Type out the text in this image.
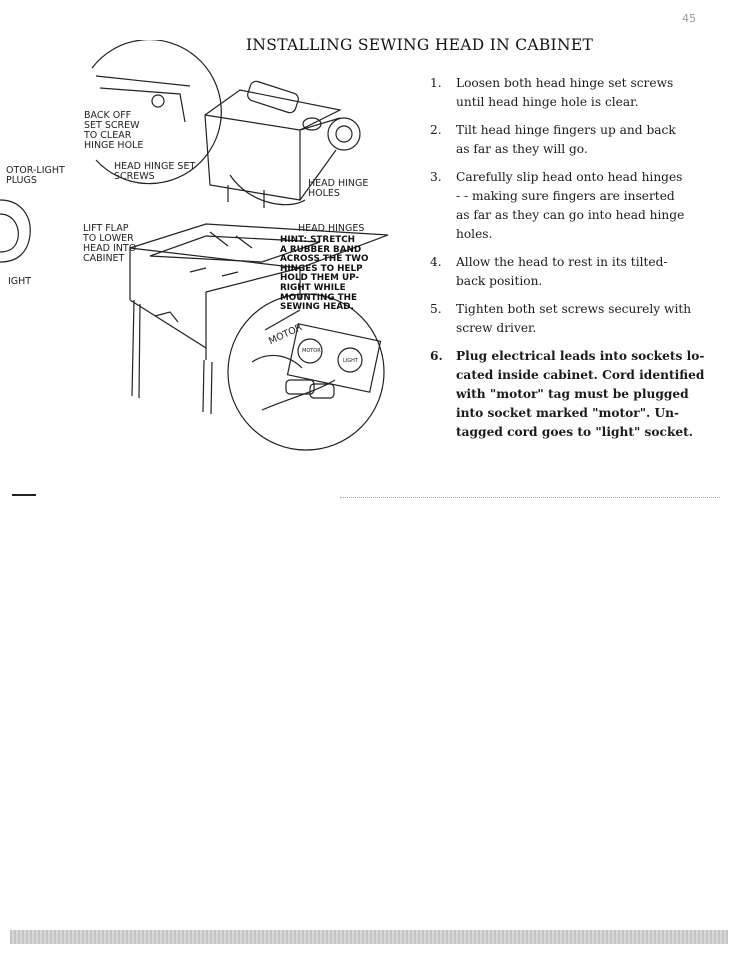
45
INSTALLING SEWING HEAD IN CABINET
BACK OFF
SET SCREW
TO CLEAR
HINGE HOLE
HEAD HINGE SET
SCREWS
HEAD HINGE
HOLES
OTOR-LIGHT
PLUGS
IGHT
LIFT FLAP
TO LOWER
HEAD INTO
CABINET
HEAD HINGES
MOTOR
MOTOR
LIGHT
HINT: STRETCH
A RUBBER BAND
ACROSS THE TWO
HINGES TO HELP
HOLD THEM UP-
RIGHT WHILE
MOUNTING THE
SEWING HEAD.
1.	Loosen both head hinge set screws
until head hinge hole is clear.
2.	Tilt head hinge fingers up and back
as far as they will go.
3.	Carefully slip head onto head hinges
- - making sure fingers are inserted
as far as they can go into head hinge
holes.
4.	Allow the head to rest in its tilted-
back position.
5.	Tighten both set screws securely with
screw driver.
6.	Plug electrical leads into sockets lo-
cated inside cabinet. Cord identified
with "motor" tag must be plugged
into socket marked "motor". Un-
tagged cord goes to "light" socket.
